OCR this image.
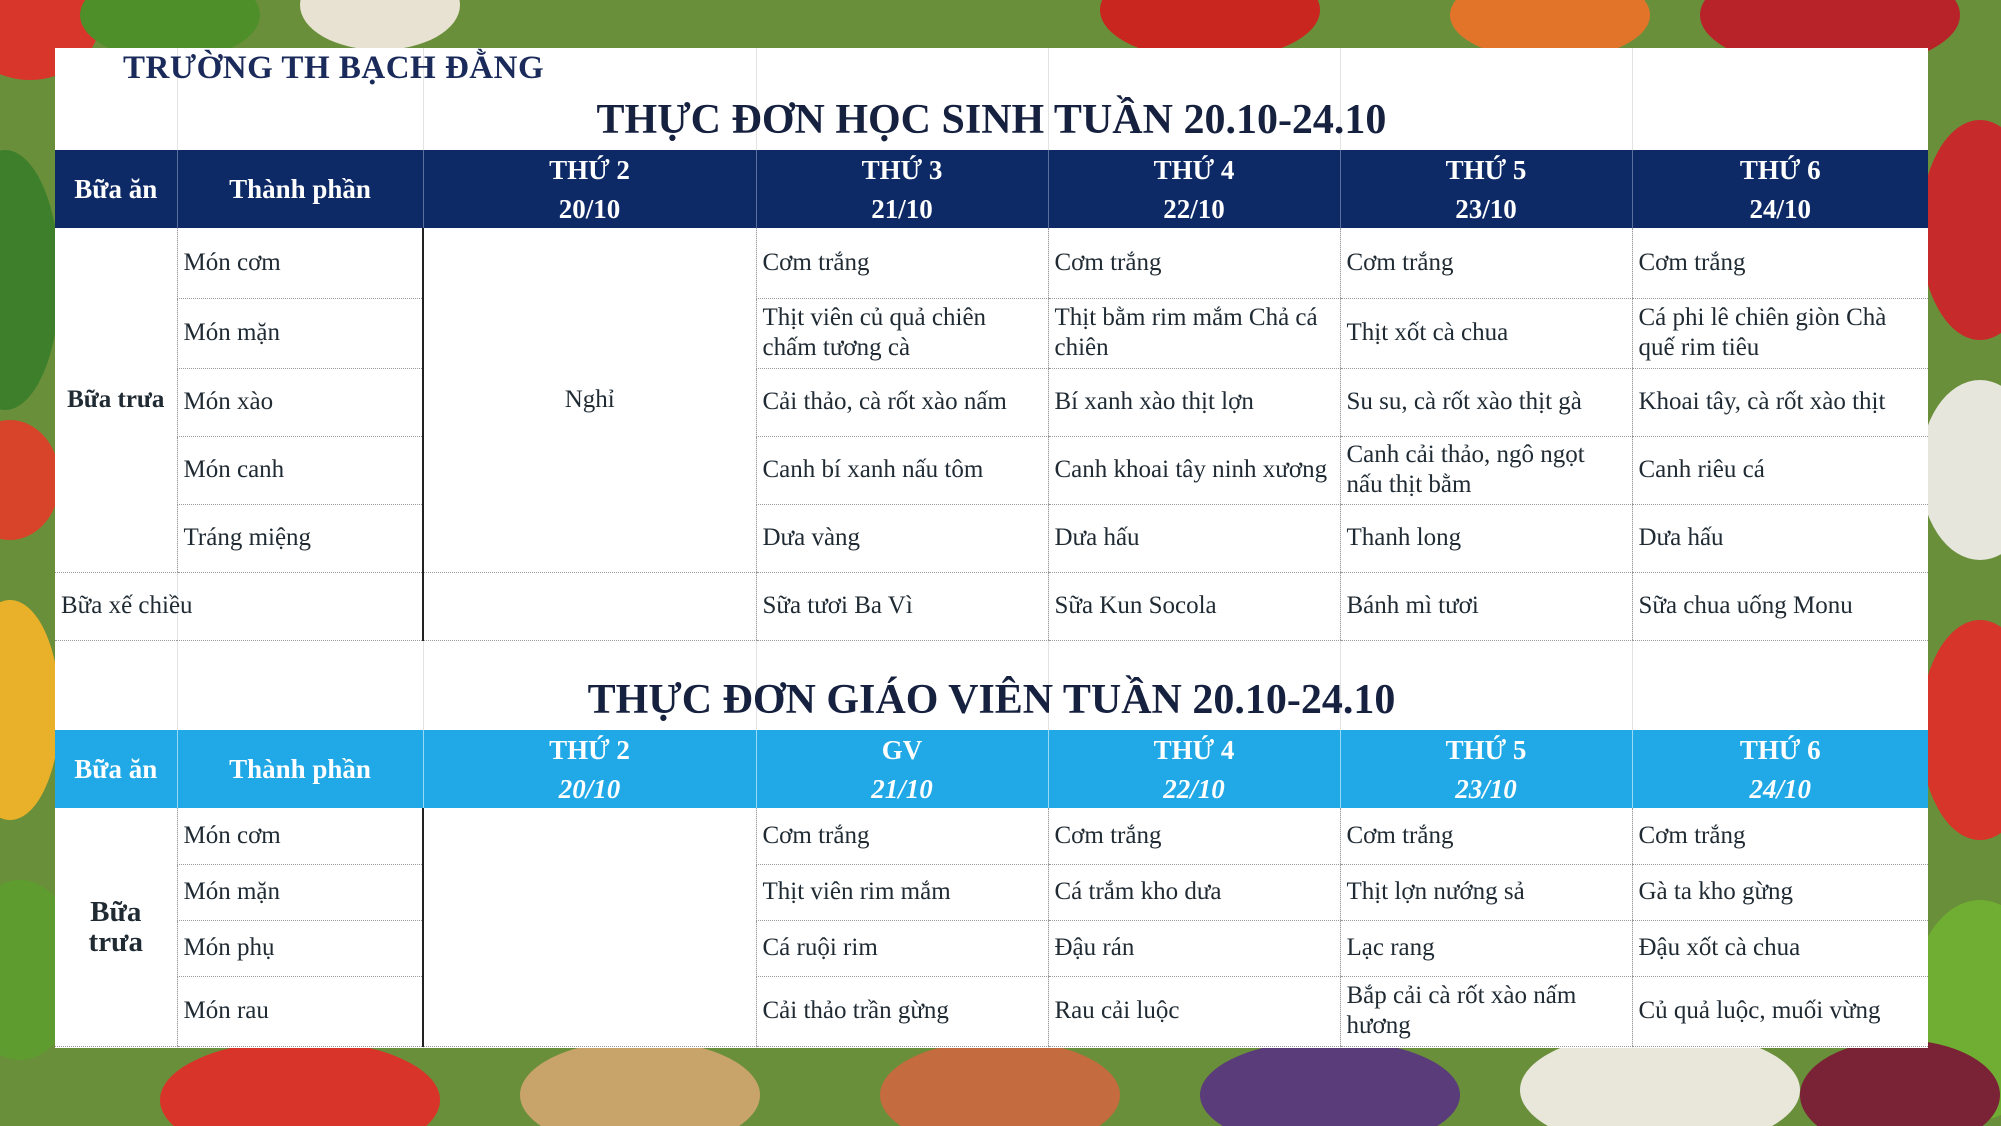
TRƯỜNG TH BẠCH ĐẰNG
THỰC ĐƠN HỌC SINH TUẦN 20.10-24.10
Bữa ăn	Thành phần	THỨ 2	THỨ 3	THỨ 4	THỨ 5	THỨ 6
		20/10	21/10	22/10	23/10	24/10
Bữa trưa	Món cơm	Nghỉ	Cơm trắng	Cơm trắng	Cơm trắng	Cơm trắng
	Món mặn		Thịt viên củ quả chiên chấm tương cà	Thịt bằm rim mắm Chả cá chiên	Thịt xốt cà chua	Cá phi lê chiên giòn Chà quế rim tiêu
	Món xào		Cải thảo, cà rốt xào nấm	Bí xanh xào thịt lợn	Su su, cà rốt xào thịt gà	Khoai tây, cà rốt xào thịt
	Món canh		Canh bí xanh nấu tôm	Canh khoai tây ninh xương	Canh cải thảo, ngô ngọt nấu thịt bằm	Canh riêu cá
	Tráng miệng		Dưa vàng	Dưa hấu	Thanh long	Dưa hấu
Bữa xế chiều			Sữa tươi Ba Vì	Sữa Kun Socola	Bánh mì tươi	Sữa chua uống Monu
THỰC ĐƠN GIÁO VIÊN TUẦN 20.10-24.10
Bữa ăn	Thành phần	THỨ 2	GV	THỨ 4	THỨ 5	THỨ 6
		20/10	21/10	22/10	23/10	24/10
Bữa trưa	Món cơm		Cơm trắng	Cơm trắng	Cơm trắng	Cơm trắng
	Món mặn		Thịt viên rim mắm	Cá trắm kho dưa	Thịt lợn nướng sả	Gà ta kho gừng
	Món phụ		Cá ruội rim	Đậu rán	Lạc rang	Đậu xốt cà chua
	Món rau		Cải thảo trần gừng	Rau cải luộc	Bắp cải cà rốt xào nấm hương	Củ quả luộc, muối vừng
